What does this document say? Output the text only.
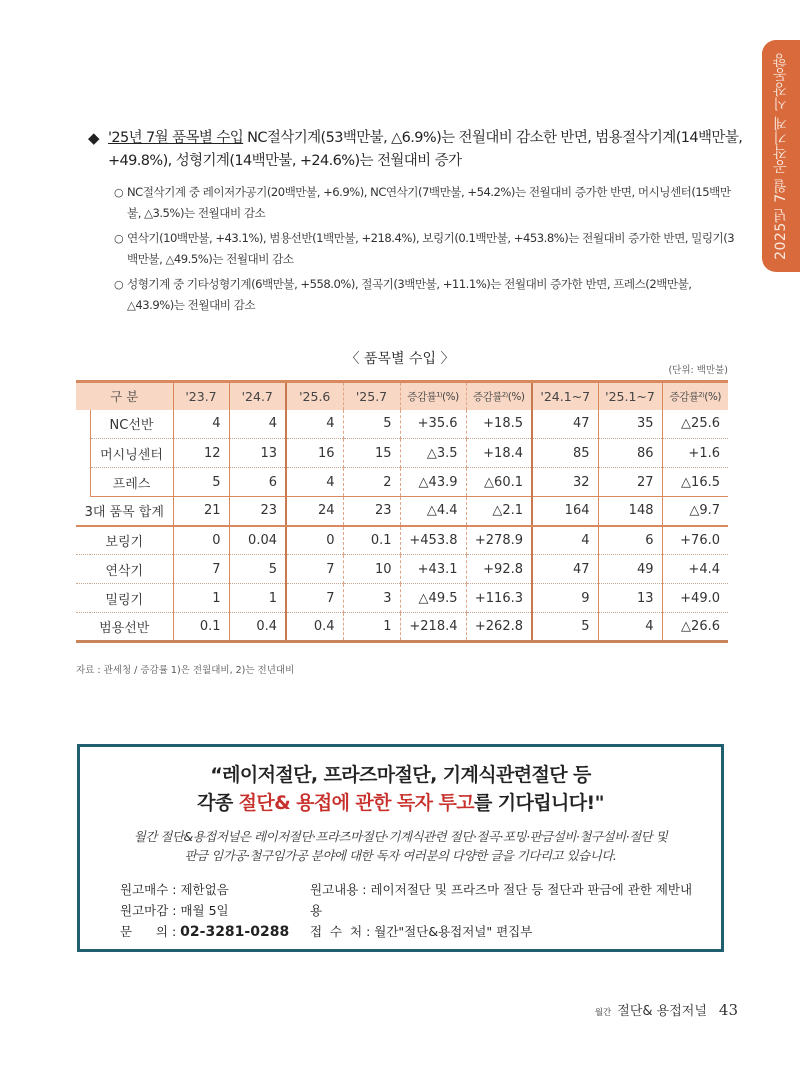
2025년 7월 공작기계 시장동향
◆ '25년 7월 품목별 수입 NC절삭기계(53백만불, △6.9%)는 전월대비 감소한 반면, 범용절삭기계(14백만불, +49.8%), 성형기계(14백만불, +24.6%)는 전월대비 증가
○ NC절삭기계 중 레이저가공기(20백만불, +6.9%), NC연삭기(7백만불, +54.2%)는 전월대비 증가한 반면, 머시닝센터(15백만불, △3.5%)는 전월대비 감소
○ 연삭기(10백만불, +43.1%), 범용선반(1백만불, +218.4%), 보링기(0.1백만불, +453.8%)는 전월대비 증가한 반면, 밀링기(3백만불, △49.5%)는 전월대비 감소
○ 성형기계 중 기타성형기계(6백만불, +558.0%), 절곡기(3백만불, +11.1%)는 전월대비 증가한 반면, 프레스(2백만불, △43.9%)는 전월대비 감소
〈 품목별 수입 〉
(단위: 백만불)
구 분		'23.7	'24.7	'25.6	'25.7	증감률¹⁾(%)	증감률²⁾(%)	'24.1~7	'25.1~7	증감률²⁾(%)
	NC선반	4	4	4	5	+35.6	+18.5	47	35	△25.6
	머시닝센터	12	13	16	15	△3.5	+18.4	85	86	+1.6
	프레스	5	6	4	2	△43.9	△60.1	32	27	△16.5
3대 품목 합계		21	23	24	23	△4.4	△2.1	164	148	△9.7
보링기		0	0.04	0	0.1	+453.8	+278.9	4	6	+76.0
연삭기		7	5	7	10	+43.1	+92.8	47	49	+4.4
밀링기		1	1	7	3	△49.5	+116.3	9	13	+49.0
범용선반		0.1	0.4	0.4	1	+218.4	+262.8	5	4	△26.6
자료 : 관세청 / 증감률 1)은 전월대비, 2)는 전년대비
“레이저절단, 프라즈마절단, 기계식관련절단 등
각종 절단& 용접에 관한 독자 투고를 기다립니다!"
월간 절단&용접저널은 레이저절단·프라즈마절단·기계식관련 절단·절곡·포밍·판금설비·철구설비·절단 및
판금 임가공·철구임가공 분야에 대한 독자 여러분의 다양한 글을 기다리고 있습니다.
원고매수 : 제한없음
원고마감 : 매월 5일
문      의 : 02-3281-0288
원고내용 : 레이저절단 및 프라즈마 절단 등 절단과 판금에 관한 제반내용
접  수  처 : 월간"절단&용접저널" 편집부
월간 절단& 용접저널 43
